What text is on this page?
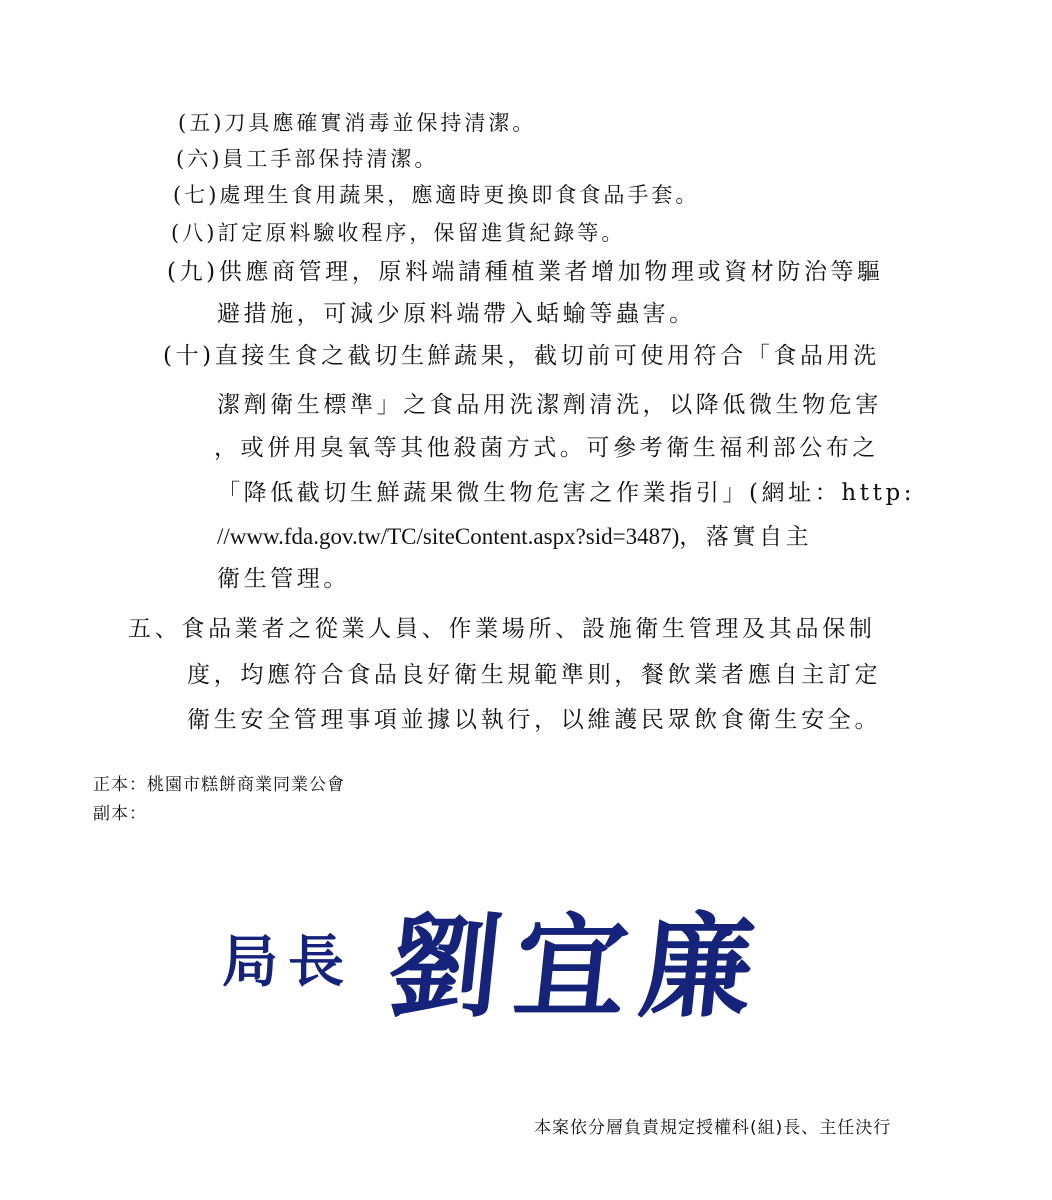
(五)刀具應確實消毒並保持清潔。
(六)員工手部保持清潔。
(七)處理生食用蔬果，應適時更換即食食品手套。
(八)訂定原料驗收程序，保留進貨紀錄等。
(九)供應商管理，原料端請種植業者增加物理或資材防治等驅
避措施，可減少原料端帶入蛞蝓等蟲害。
(十)直接生食之截切生鮮蔬果，截切前可使用符合「食品用洗
潔劑衛生標準」之食品用洗潔劑清洗，以降低微生物危害
，或併用臭氧等其他殺菌方式。可參考衛生福利部公布之
「降低截切生鮮蔬果微生物危害之作業指引」(網址：http:
//www.fda.gov.tw/TC/siteContent.aspx?sid=3487)，落實自主
衛生管理。
五、食品業者之從業人員、作業場所、設施衛生管理及其品保制
度，均應符合食品良好衛生規範準則，餐飲業者應自主訂定
衛生安全管理事項並據以執行，以維護民眾飲食衛生安全。
正本：桃園市糕餅商業同業公會
副本：
局長 劉宜廉
本案依分層負責規定授權科(組)長、主任決行
